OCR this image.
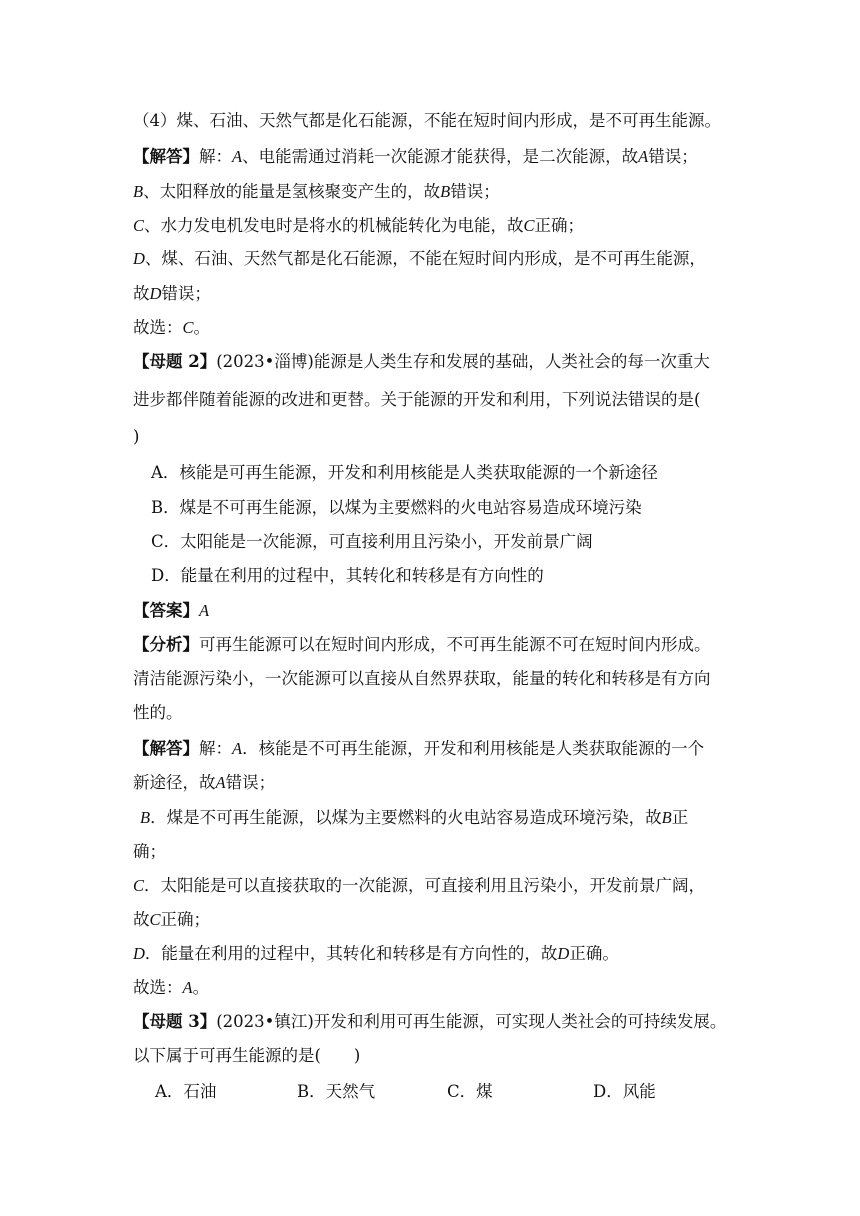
（4）煤、石油、天然气都是化石能源，不能在短时间内形成，是不可再生能源。
【解答】解：A、电能需通过消耗一次能源才能获得，是二次能源，故A错误；
B、太阳释放的能量是氢核聚变产生的，故B错误；
C、水力发电机发电时是将水的机械能转化为电能，故C正确；
D、煤、石油、天然气都是化石能源，不能在短时间内形成，是不可再生能源，
故D错误；
故选：C。
【母题 2】(2023•淄博)能源是人类生存和发展的基础，人类社会的每一次重大
进步都伴随着能源的改进和更替。关于能源的开发和利用，下列说法错误的是(
)
A．核能是可再生能源，开发和利用核能是人类获取能源的一个新途径
B．煤是不可再生能源，以煤为主要燃料的火电站容易造成环境污染
C．太阳能是一次能源，可直接利用且污染小，开发前景广阔
D．能量在利用的过程中，其转化和转移是有方向性的
【答案】A
【分析】可再生能源可以在短时间内形成，不可再生能源不可在短时间内形成。
清洁能源污染小，一次能源可以直接从自然界获取，能量的转化和转移是有方向
性的。
【解答】解：A．核能是不可再生能源，开发和利用核能是人类获取能源的一个
新途径，故A错误；
B．煤是不可再生能源，以煤为主要燃料的火电站容易造成环境污染，故B正
确；
C．太阳能是可以直接获取的一次能源，可直接利用且污染小，开发前景广阔，
故C正确；
D．能量在利用的过程中，其转化和转移是有方向性的，故D正确。
故选：A。
【母题 3】(2023•镇江)开发和利用可再生能源，可实现人类社会的可持续发展。
以下属于可再生能源的是(　　)
A．石油	B．天然气	C．煤	D．风能
